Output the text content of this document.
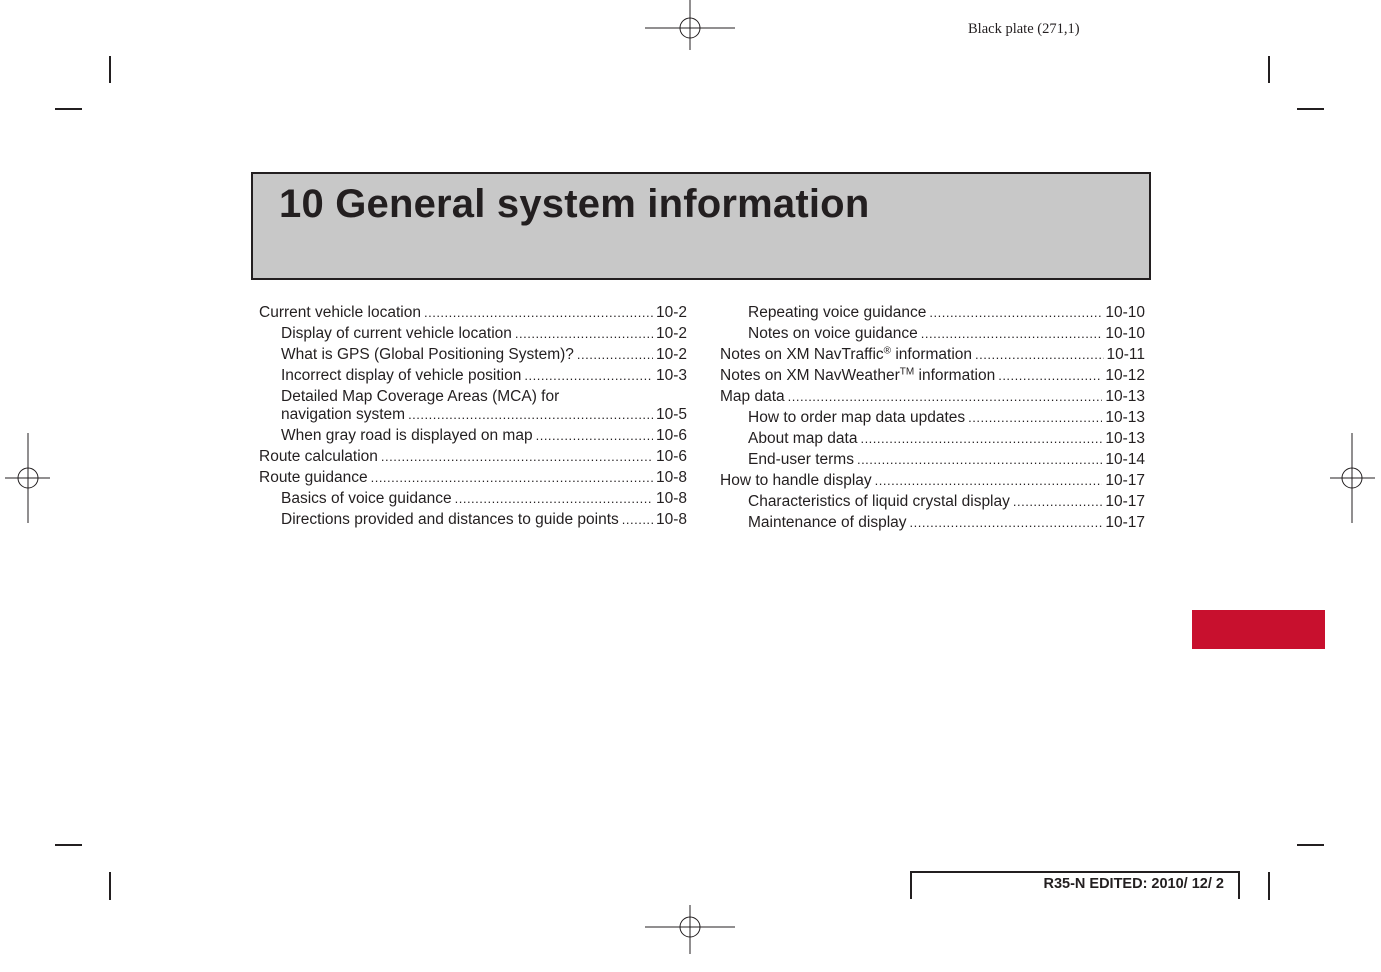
Black plate (271,1)
10 General system information
Current vehicle location .....	10-2
Display of current vehicle location .....	10-2
What is GPS (Global Positioning System)? .....	10-2
Incorrect display of vehicle position .....	10-3
Detailed Map Coverage Areas (MCA) for
navigation system .....	10-5
When gray road is displayed on map .....	10-6
Route calculation .....	10-6
Route guidance .....	10-8
Basics of voice guidance .....	10-8
Directions provided and distances to guide points ..... 10-8
Repeating voice guidance .....	10-10
Notes on voice guidance .....	10-10
Notes on XM NavTraffic® information .....	10-11
Notes on XM NavWeather™ information .....	10-12
Map data .....	10-13
How to order map data updates .....	10-13
About map data .....	10-13
End-user terms .....	10-14
How to handle display .....	10-17
Characteristics of liquid crystal display .....	10-17
Maintenance of display .....	10-17
R35-N EDITED: 2010/ 12/ 2
